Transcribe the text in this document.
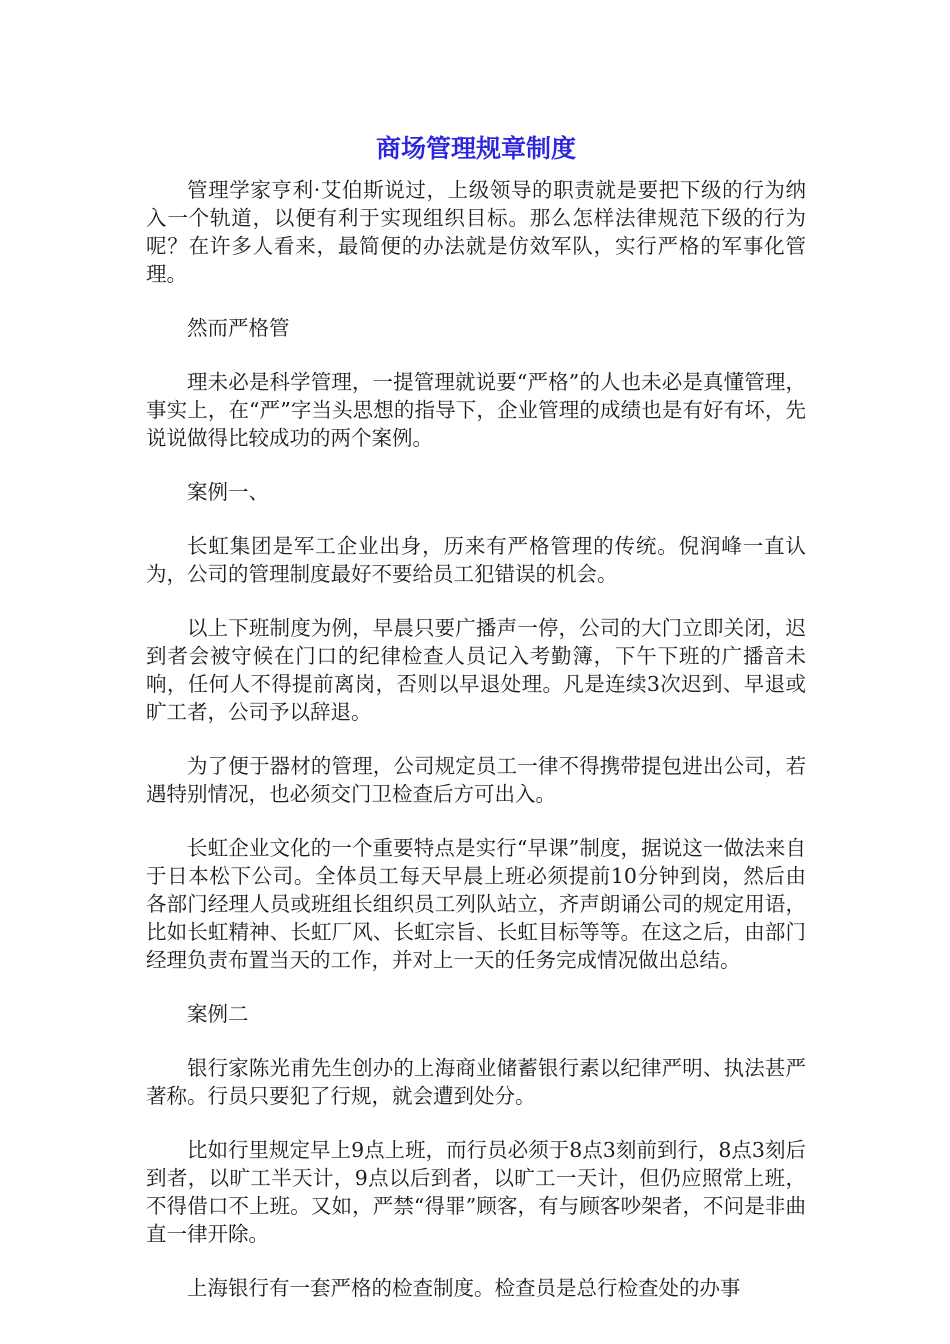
商场管理规章制度

管理学家亨利·艾伯斯说过，上级领导的职责就是要把下级的行为纳入一个轨道，以便有利于实现组织目标。那么怎样法律规范下级的行为呢？在许多人看来，最简便的办法就是仿效军队，实行严格的军事化管理。

然而严格管

理未必是科学管理，一提管理就说要“严格”的人也未必是真懂管理，事实上，在“严”字当头思想的指导下，企业管理的成绩也是有好有坏，先说说做得比较成功的两个案例。

案例一、

长虹集团是军工企业出身，历来有严格管理的传统。倪润峰一直认为，公司的管理制度最好不要给员工犯错误的机会。

以上下班制度为例，早晨只要广播声一停，公司的大门立即关闭，迟到者会被守候在门口的纪律检查人员记入考勤簿，下午下班的广播音未响，任何人不得提前离岗，否则以早退处理。凡是连续3次迟到、早退或旷工者，公司予以辞退。

为了便于器材的管理，公司规定员工一律不得携带提包进出公司，若遇特别情况，也必须交门卫检查后方可出入。

长虹企业文化的一个重要特点是实行“早课”制度，据说这一做法来自于日本松下公司。全体员工每天早晨上班必须提前10分钟到岗，然后由各部门经理人员或班组长组织员工列队站立，齐声朗诵公司的规定用语，比如长虹精神、长虹厂风、长虹宗旨、长虹目标等等。在这之后，由部门经理负责布置当天的工作，并对上一天的任务完成情况做出总结。

案例二

银行家陈光甫先生创办的上海商业储蓄银行素以纪律严明、执法甚严著称。行员只要犯了行规，就会遭到处分。

比如行里规定早上9点上班，而行员必须于8点3刻前到行，8点3刻后到者，以旷工半天计，9点以后到者，以旷工一天计，但仍应照常上班，不得借口不上班。又如，严禁“得罪”顾客，有与顾客吵架者，不问是非曲直一律开除。

上海银行有一套严格的检查制度。检查员是总行检查处的办事
